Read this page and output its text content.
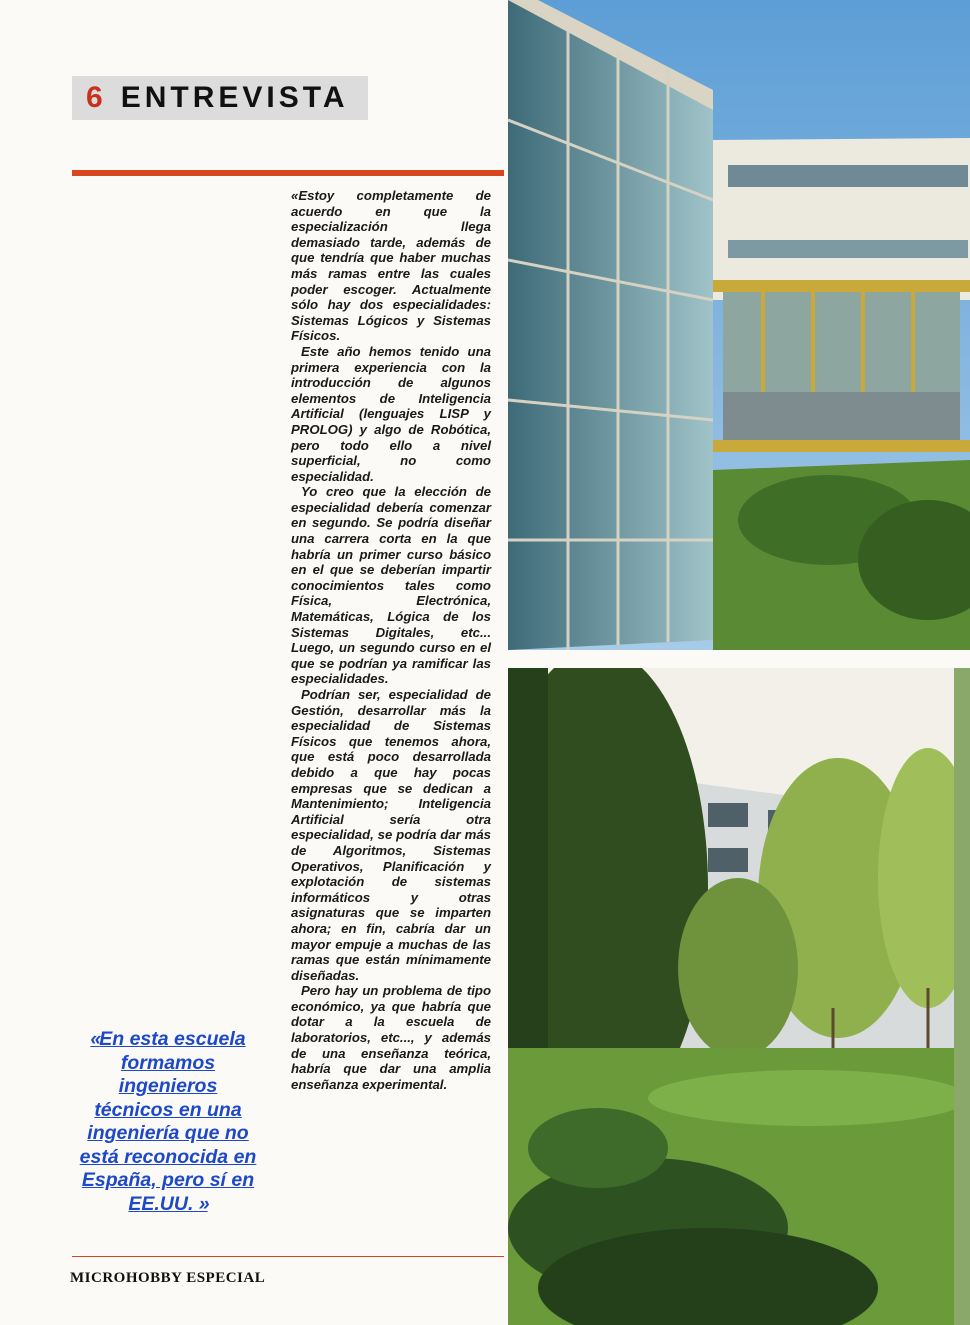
6 ENTREVISTA

«Estoy completamente de acuerdo en que la especialización llega demasiado tarde, además de que tendría que haber muchas más ramas entre las cuales poder escoger. Actualmente sólo hay dos especialidades: Sistemas Lógicos y Sistemas Físicos.

Este año hemos tenido una primera experiencia con la introducción de algunos elementos de Inteligencia Artificial (lenguajes LISP y PROLOG) y algo de Robótica, pero todo ello a nivel superficial, no como especialidad.

Yo creo que la elección de especialidad debería comenzar en segundo. Se podría diseñar una carrera corta en la que habría un primer curso básico en el que se deberían impartir conocimientos tales como Física, Electrónica, Matemáticas, Lógica de los Sistemas Digitales, etc... Luego, un segundo curso en el que se podrían ya ramificar las especialidades.

Podrían ser, especialidad de Gestión, desarrollar más la especialidad de Sistemas Físicos que tenemos ahora, que está poco desarrollada debido a que hay pocas empresas que se dedican a Mantenimiento; Inteligencia Artificial sería otra especialidad, se podría dar más de Algoritmos, Sistemas Operativos, Planificación y explotación de sistemas informáticos y otras asignaturas que se imparten ahora; en fin, cabría dar un mayor empuje a muchas de las ramas que están mínimamente diseñadas.

Pero hay un problema de tipo económico, ya que habría que dotar a la escuela de laboratorios, etc..., y además de una enseñanza teórica, habría que dar una amplia enseñanza experimental.

«En esta escuela formamos ingenieros técnicos en una ingeniería que no está reconocida en España, pero sí en EE.UU. »
MICROHOBBY ESPECIAL
